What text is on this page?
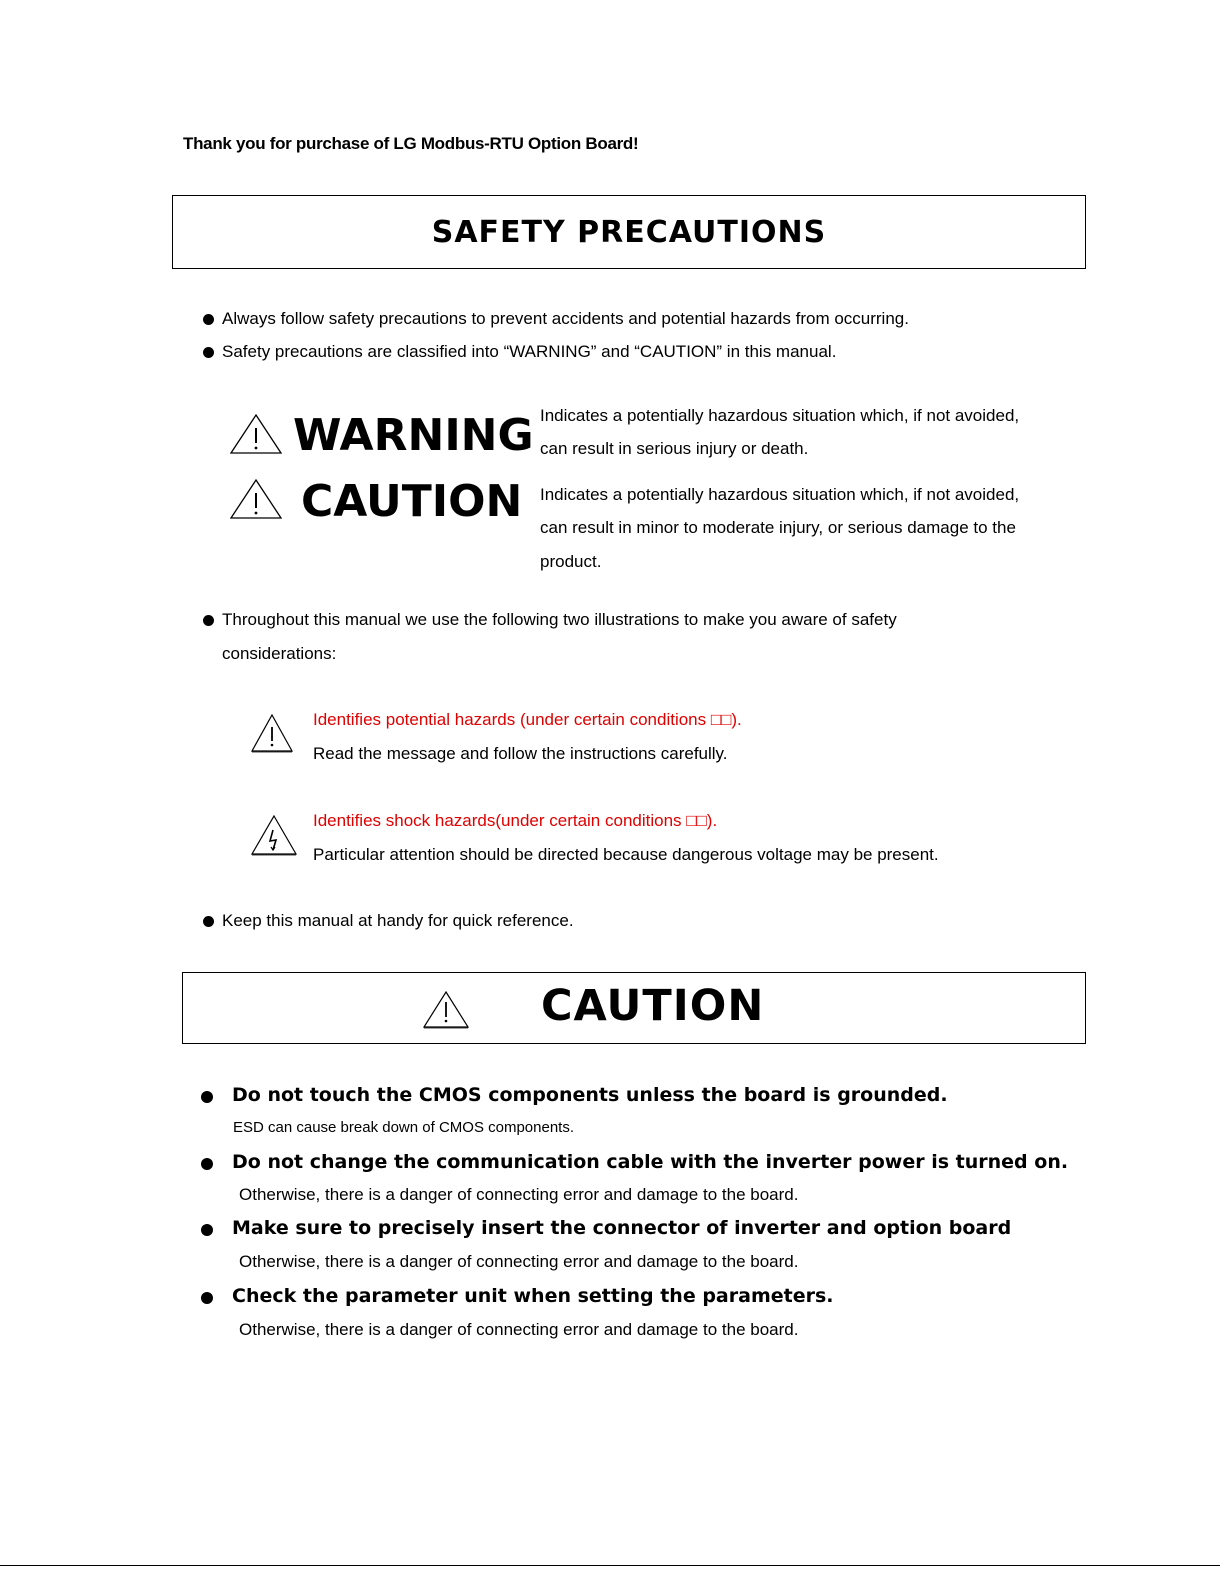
Thank you for purchase of LG Modbus-RTU Option Board!
SAFETY PRECAUTIONS
Always follow safety precautions to prevent accidents and potential hazards from occurring.
Safety precautions are classified into “WARNING” and “CAUTION” in this manual.
WARNING Indicates a potentially hazardous situation which, if not avoided,
can result in serious injury or death.
CAUTION Indicates a potentially hazardous situation which, if not avoided,
can result in minor to moderate injury, or serious damage to the
product.
Throughout this manual we use the following two illustrations to make you aware of safety
considerations:
Identifies potential hazards (under certain conditions □□).
Read the message and follow the instructions carefully.
Identifies shock hazards(under certain conditions □□).
Particular attention should be directed because dangerous voltage may be present.
Keep this manual at handy for quick reference.
CAUTION
Do not touch the CMOS components unless the board is grounded.
ESD can cause break down of CMOS components.
Do not change the communication cable with the inverter power is turned on.
Otherwise, there is a danger of connecting error and damage to the board.
Make sure to precisely insert the connector of inverter and option board
Otherwise, there is a danger of connecting error and damage to the board.
Check the parameter unit when setting the parameters.
Otherwise, there is a danger of connecting error and damage to the board.
